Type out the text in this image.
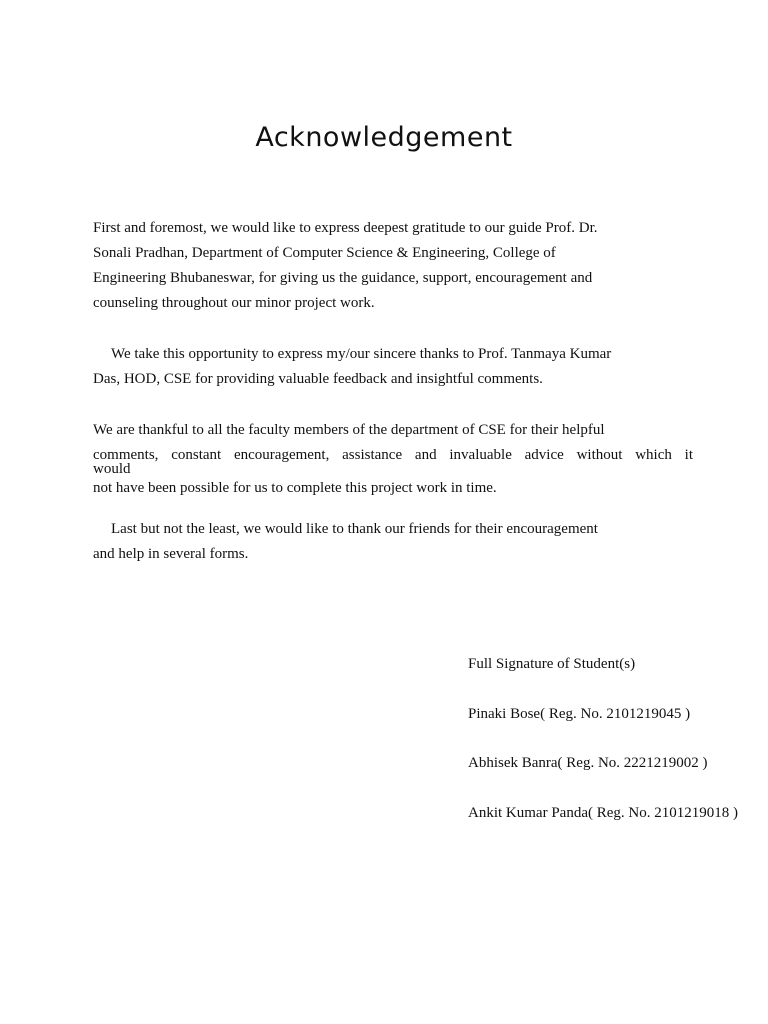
Acknowledgement

First and foremost, we would like to express deepest gratitude to our guide Prof. Dr.
Sonali Pradhan, Department of Computer Science & Engineering, College of
Engineering Bhubaneswar, for giving us the guidance, support, encouragement and
counseling throughout our minor project work.

We take this opportunity to express my/our sincere thanks to Prof. Tanmaya Kumar
Das, HOD, CSE for providing valuable feedback and insightful comments.

We are thankful to all the faculty members of the department of CSE for their helpful
comments, constant encouragement, assistance and invaluable advice without which it
would
not have been possible for us to complete this project work in time.

Last but not the least, we would like to thank our friends for their encouragement
and help in several forms.

Full Signature of Student(s)

Pinaki Bose( Reg. No. 2101219045 )

Abhisek Banra( Reg. No. 2221219002 )

Ankit Kumar Panda( Reg. No. 2101219018 )
